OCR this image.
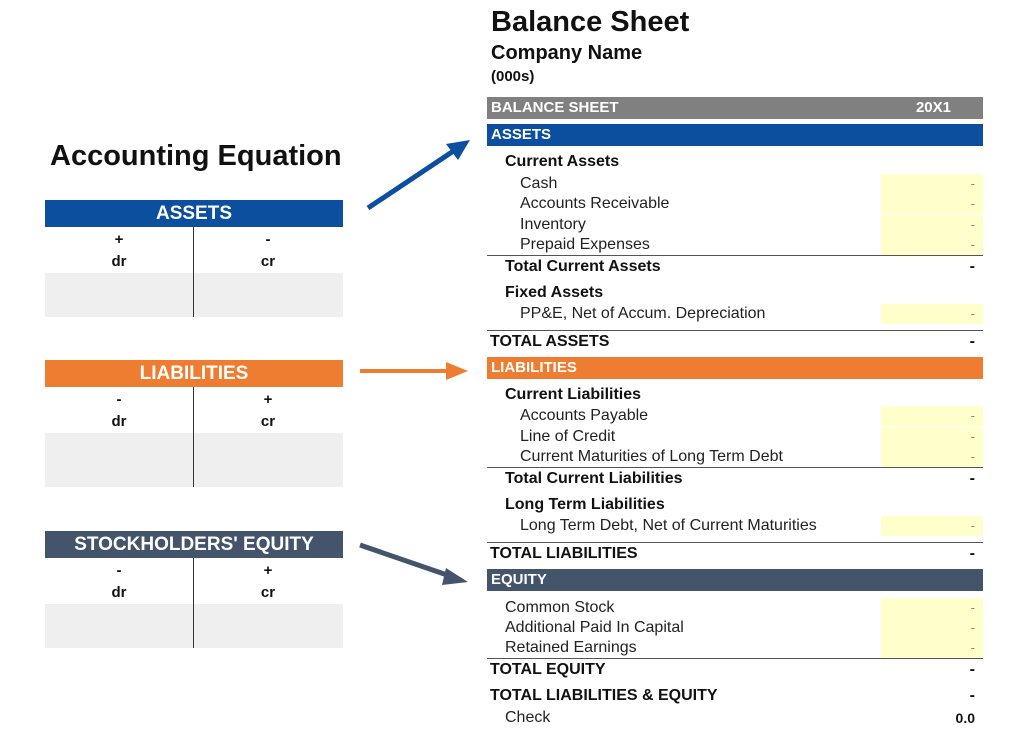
Accounting Equation
ASSETS
+	-
dr	cr
LIABILITIES
-	+
dr	cr
STOCKHOLDERS' EQUITY
-	+
dr	cr
Balance Sheet
Company Name
(000s)
BALANCE SHEET	20X1
ASSETS
Current Assets
Cash	-
Accounts Receivable	-
Inventory	-
Prepaid Expenses	-
Total Current Assets	-
Fixed Assets
PP&E, Net of Accum. Depreciation	-
TOTAL ASSETS	-
LIABILITIES
Current Liabilities
Accounts Payable	-
Line of Credit	-
Current Maturities of Long Term Debt	-
Total Current Liabilities	-
Long Term Liabilities
Long Term Debt, Net of Current Maturities	-
TOTAL LIABILITIES	-
EQUITY
Common Stock	-
Additional Paid In Capital	-
Retained Earnings	-
TOTAL EQUITY	-
TOTAL LIABILITIES & EQUITY	-
Check	0.0
